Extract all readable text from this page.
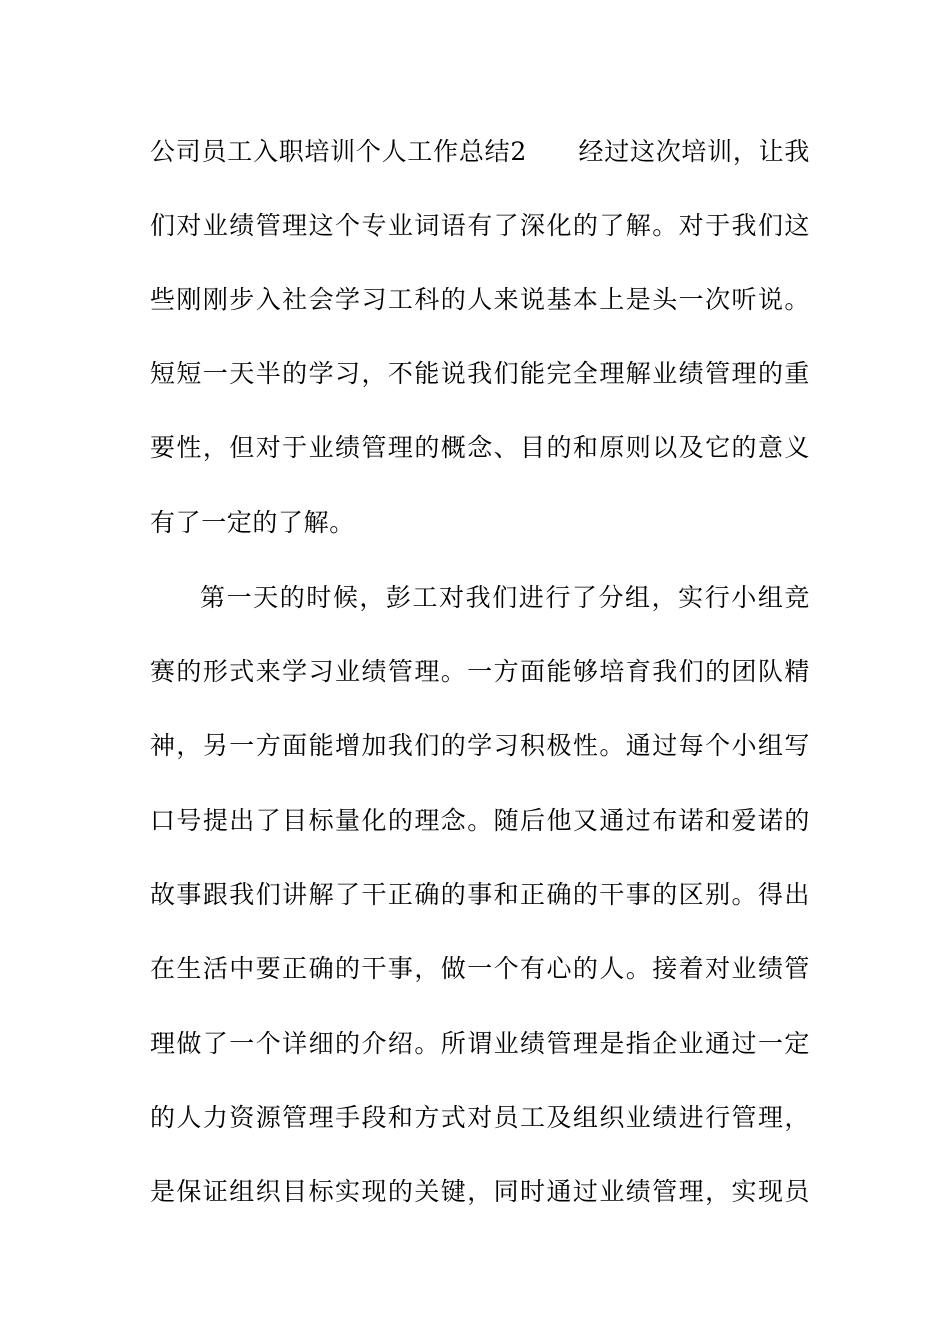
公司员工入职培训个人工作总结2　　经过这次培训，让我
们对业绩管理这个专业词语有了深化的了解。对于我们这
些刚刚步入社会学习工科的人来说基本上是头一次听说。
短短一天半的学习，不能说我们能完全理解业绩管理的重
要性，但对于业绩管理的概念、目的和原则以及它的意义
有了一定的了解。
第一天的时候，彭工对我们进行了分组，实行小组竞
赛的形式来学习业绩管理。一方面能够培育我们的团队精
神，另一方面能增加我们的学习积极性。通过每个小组写
口号提出了目标量化的理念。随后他又通过布诺和爱诺的
故事跟我们讲解了干正确的事和正确的干事的区别。得出
在生活中要正确的干事，做一个有心的人。接着对业绩管
理做了一个详细的介绍。所谓业绩管理是指企业通过一定
的人力资源管理手段和方式对员工及组织业绩进行管理，
是保证组织目标实现的关键，同时通过业绩管理，实现员
